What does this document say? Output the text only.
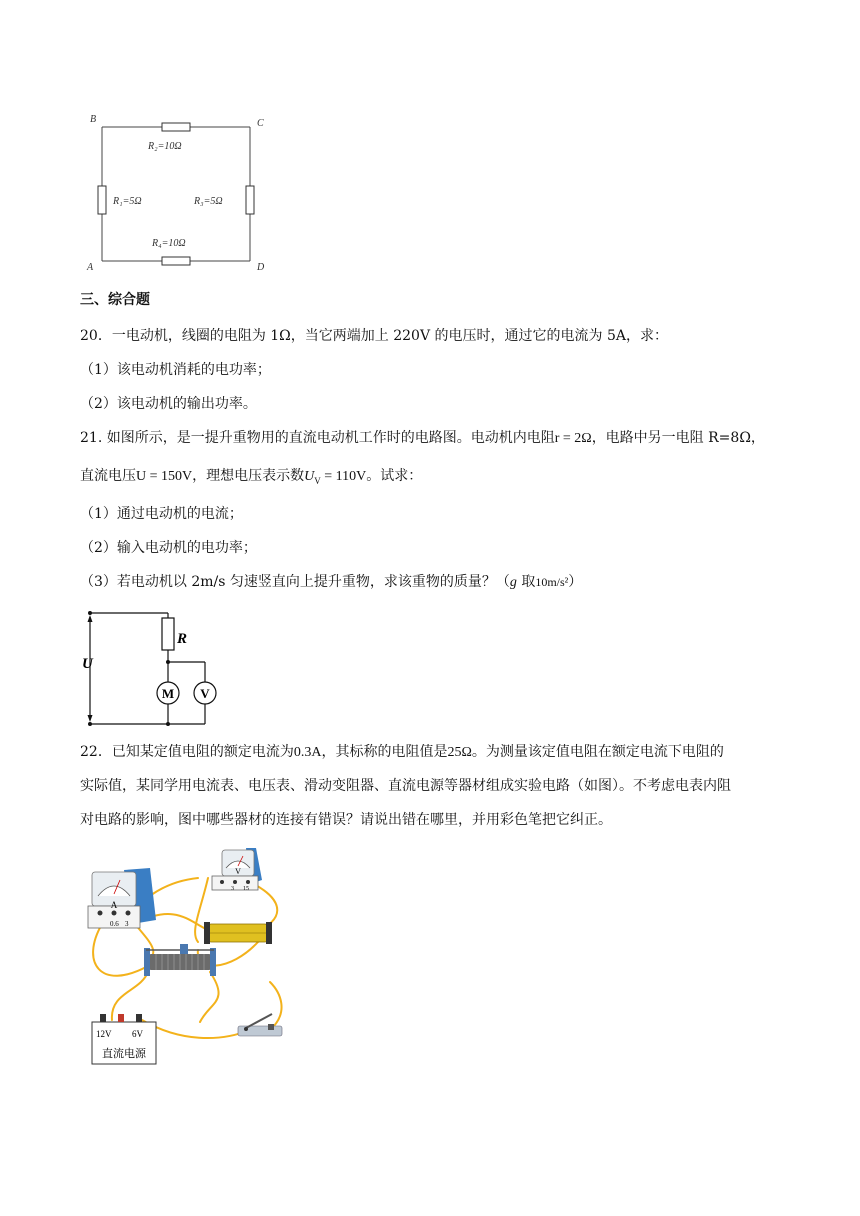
B	C
A	D
R₂=10Ω
R₁=5Ω	R₃=5Ω
R₄=10Ω
三、综合题
20．一电动机，线圈的电阻为 1Ω，当它两端加上 220V 的电压时，通过它的电流为 5A，求：
（1）该电动机消耗的电功率；
（2）该电动机的输出功率。
21. 如图所示，是一提升重物用的直流电动机工作时的电路图。电动机内电阻r = 2Ω，电路中另一电阻 R=8Ω，
直流电压U = 150V，理想电压表示数$U_V = 110V$。试求：
（1）通过电动机的电流；
（2）输入电动机的电功率；
（3）若电动机以 2m/s 匀速竖直向上提升重物，求该重物的质量？（g 取10m/s²）
R
U
M V
22．已知某定值电阻的额定电流为0.3A，其标称的电阻值是25Ω。为测量该定值电阻在额定电流下电阻的
实际值，某同学用电流表、电压表、滑动变阻器、直流电源等器材组成实验电路（如图）。不考虑电表内阻
对电路的影响，图中哪些器材的连接有错误？请说出错在哪里，并用彩色笔把它纠正。
A
0.6 3
V
3 15
12V 6V
直流电源
